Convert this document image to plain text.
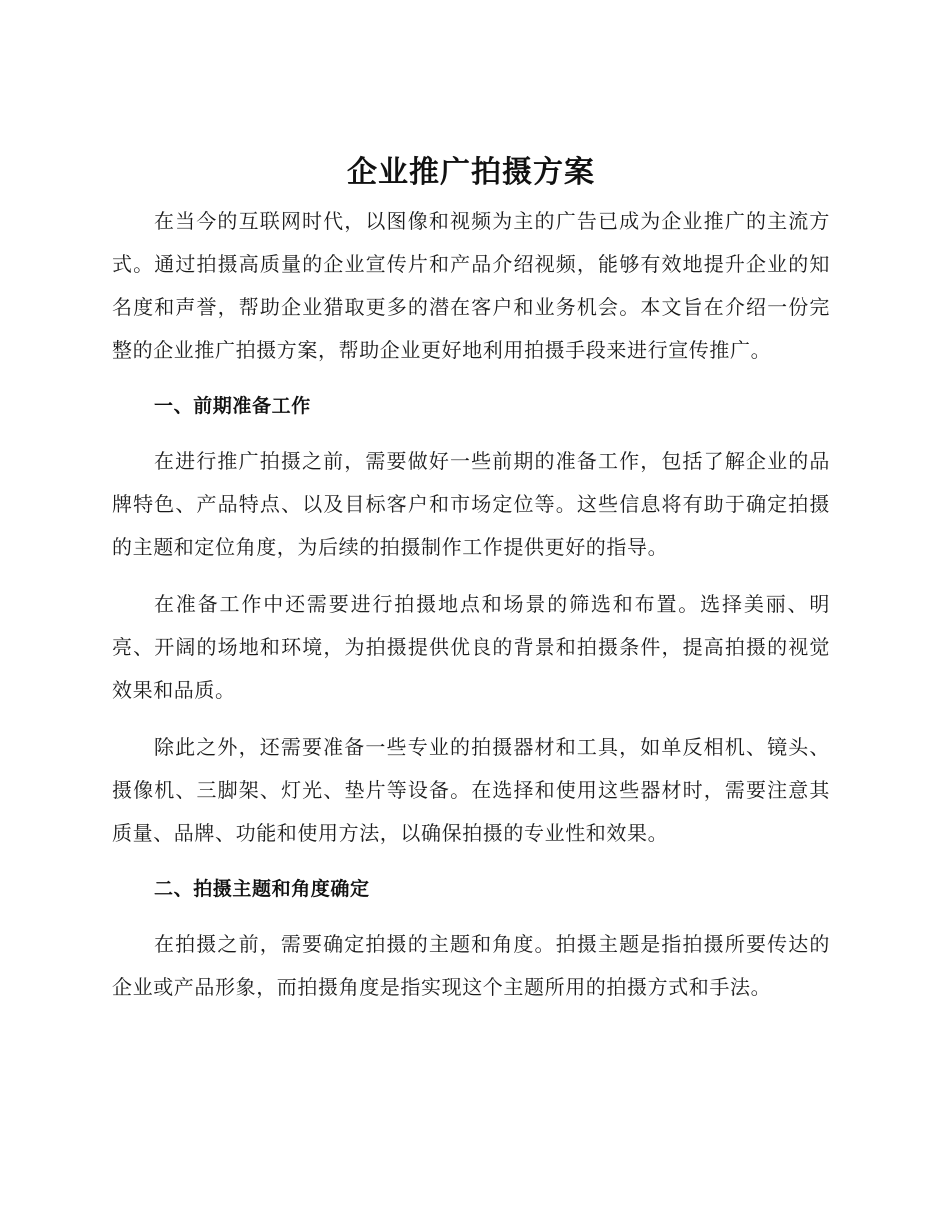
企业推广拍摄方案

在当今的互联网时代，以图像和视频为主的广告已成为企业推广的主流方式。通过拍摄高质量的企业宣传片和产品介绍视频，能够有效地提升企业的知名度和声誉，帮助企业猎取更多的潜在客户和业务机会。本文旨在介绍一份完整的企业推广拍摄方案，帮助企业更好地利用拍摄手段来进行宣传推广。

一、前期准备工作

在进行推广拍摄之前，需要做好一些前期的准备工作，包括了解企业的品牌特色、产品特点、以及目标客户和市场定位等。这些信息将有助于确定拍摄的主题和定位角度，为后续的拍摄制作工作提供更好的指导。

在准备工作中还需要进行拍摄地点和场景的筛选和布置。选择美丽、明亮、开阔的场地和环境，为拍摄提供优良的背景和拍摄条件，提高拍摄的视觉效果和品质。

除此之外，还需要准备一些专业的拍摄器材和工具，如单反相机、镜头、摄像机、三脚架、灯光、垫片等设备。在选择和使用这些器材时，需要注意其质量、品牌、功能和使用方法，以确保拍摄的专业性和效果。

二、拍摄主题和角度确定

在拍摄之前，需要确定拍摄的主题和角度。拍摄主题是指拍摄所要传达的企业或产品形象，而拍摄角度是指实现这个主题所用的拍摄方式和手法。
